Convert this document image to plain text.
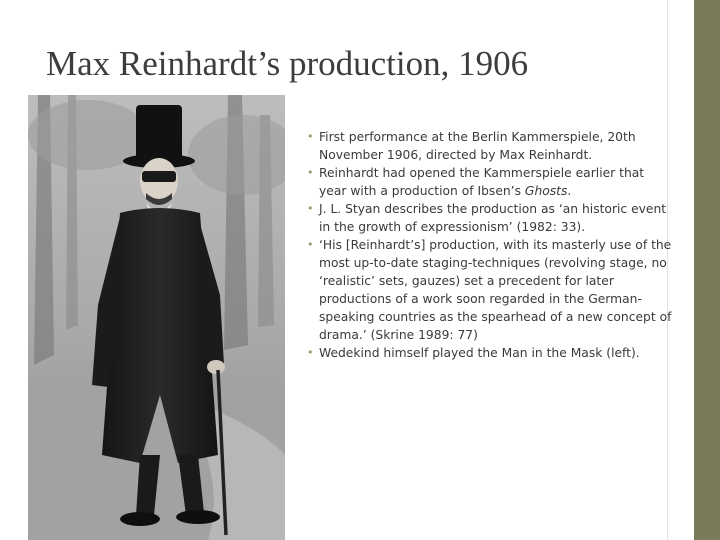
Max Reinhardt’s production, 1906
• First performance at the Berlin Kammerspiele, 20th November 1906, directed by Max Reinhardt.
• Reinhardt had opened the Kammerspiele earlier that year with a production of Ibsen’s Ghosts.
• J. L. Styan describes the production as ‘an historic event in the growth of expressionism’ (1982: 33).
• ‘His [Reinhardt’s] production, with its masterly use of the most up-to-date staging-techniques (revolving stage, no ‘realistic’ sets, gauzes) set a precedent for later productions of a work soon regarded in the German-speaking countries as the spearhead of a new concept of drama.’ (Skrine 1989: 77)
• Wedekind himself played the Man in the Mask (left).
